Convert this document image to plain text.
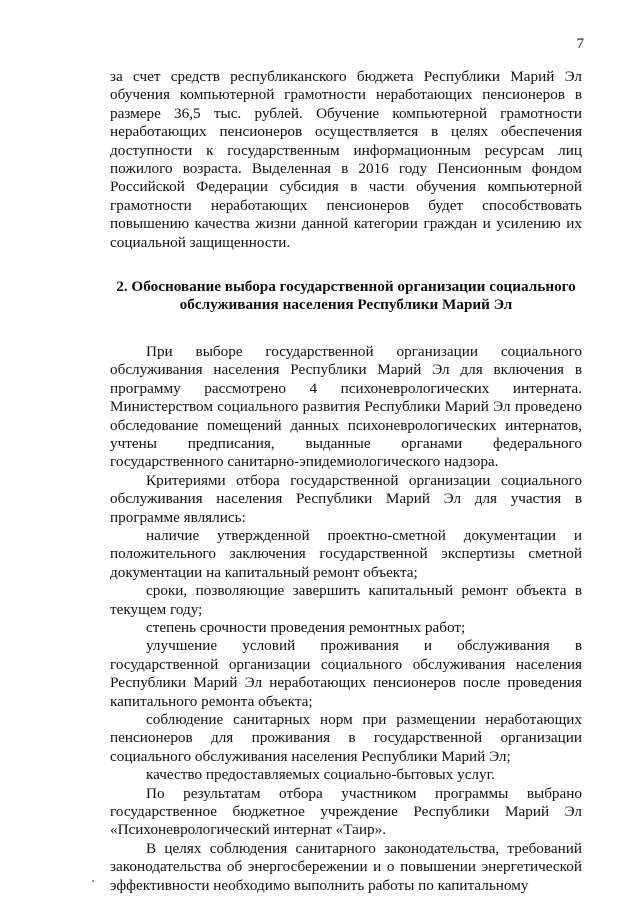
7

за счет средств республиканского бюджета Республики Марий Эл обучения компьютерной грамотности неработающих пенсионеров в размере 36,5 тыс. рублей. Обучение компьютерной грамотности неработающих пенсионеров осуществляется в целях обеспечения доступности к государственным информационным ресурсам лиц пожилого возраста. Выделенная в 2016 году Пенсионным фондом Российской Федерации субсидия в части обучения компьютерной грамотности неработающих пенсионеров будет способствовать повышению качества жизни данной категории граждан и усилению их социальной защищенности.

2. Обоснование выбора государственной организации социального
обслуживания населения Республики Марий Эл

При выборе государственной организации социального обслуживания населения Республики Марий Эл для включения в программу рассмотрено 4 психоневрологических интерната. Министерством социального развития Республики Марий Эл проведено обследование помещений данных психоневрологических интернатов, учтены предписания, выданные органами федерального государственного санитарно-эпидемиологического надзора.

Критериями отбора государственной организации социального обслуживания населения Республики Марий Эл для участия в программе являлись:

наличие утвержденной проектно-сметной документации и положительного заключения государственной экспертизы сметной документации на капитальный ремонт объекта;

сроки, позволяющие завершить капитальный ремонт объекта в текущем году;

степень срочности проведения ремонтных работ;

улучшение условий проживания и обслуживания в государственной организации социального обслуживания населения Республики Марий Эл неработающих пенсионеров после проведения капитального ремонта объекта;

соблюдение санитарных норм при размещении неработающих пенсионеров для проживания в государственной организации социального обслуживания населения Республики Марий Эл;

качество предоставляемых социально-бытовых услуг.

По результатам отбора участником программы выбрано государственное бюджетное учреждение Республики Марий Эл «Психоневрологический интернат «Таир».

В целях соблюдения санитарного законодательства, требований законодательства об энергосбережении и о повышении энергетической эффективности необходимо выполнить работы по капитальному
